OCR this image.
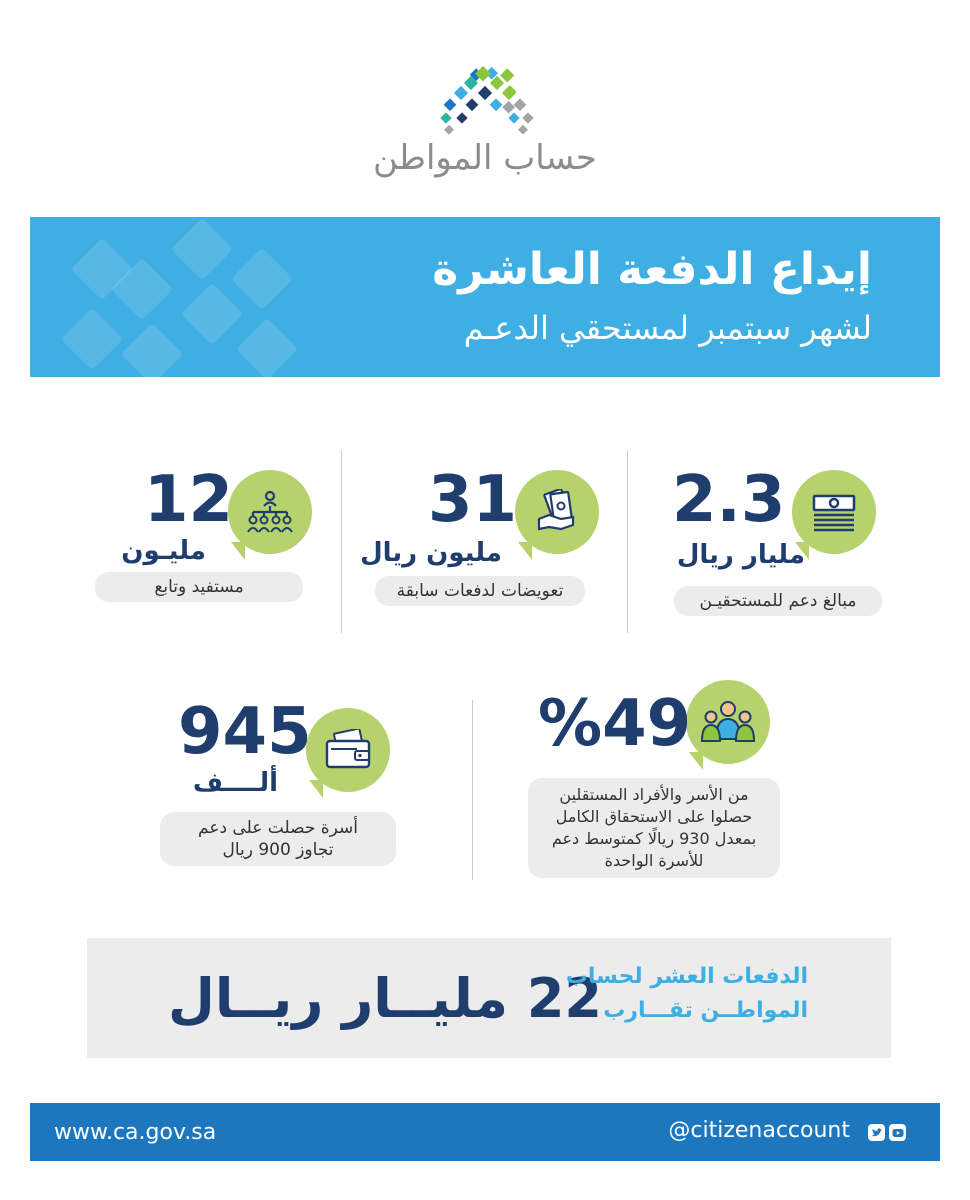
حساب المواطن
إيداع الدفعة العاشرة
لشهر سبتمبر لمستحقي الدعـم
2.3
مليار ريال
مبالغ دعم للمستحقيـن
31
مليون ريال
تعويضات لدفعات سابقة
12
مليـون
مستفيد وتابع
%49
من الأسر والأفراد المستقلين
حصلوا على الاستحقاق الكامل
بمعدل 930 ريالًا كمتوسط دعم
للأسرة الواحدة
945
ألــــف
أسرة حصلت على دعم
تجاوز 900 ريال
22 مليــار ريــال
الدفعات العشر لحساب
المواطــن تقـــارب
www.ca.gov.sa	@citizenaccount
